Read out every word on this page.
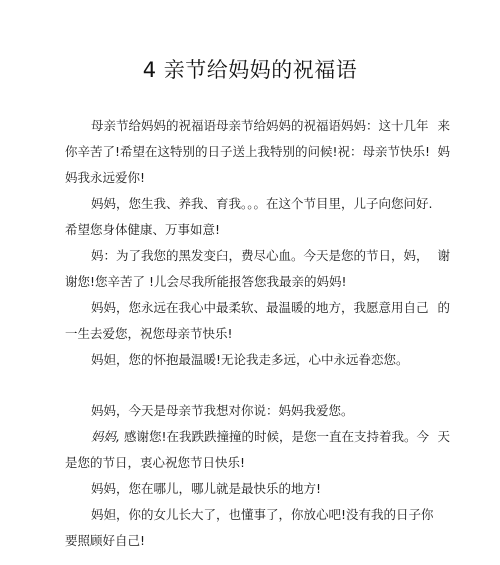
4 亲节给妈妈的祝福语
母亲节给妈妈的祝福语母亲节给妈妈的祝福语妈妈：这十几年 来
你辛苦了!希望在这特别的日子送上我特别的问候!祝：母亲节快乐! 妈
妈我永远爱你!
妈妈，您生我、养我、育我。。。在这个节目里，儿子向您问好.
希望您身体健康、万事如意!
妈：为了我您的黑发变臼，费尽心血。今天是您的节日，妈， 谢
谢您!您辛苦了 !儿会尽我所能报答您我最亲的妈妈!
妈妈，您永远在我心中最柔软、最温暖的地方，我愿意用自己 的
一生去爱您，祝您母亲节快乐!
妈妲，您的怀抱最温暖!无论我走多远，心中永远眷恋您。
妈妈，今天是母亲节我想对你说：妈妈我爱您。
妈妈, 感谢您!在我跌跌撞撞的时候，是您一直在支持着我。今 天
是您的节日，衷心祝您节日快乐!
妈妈，您在哪儿，哪儿就是最快乐的地方!
妈妲，你的女儿长大了，也懂事了，你放心吧!没有我的日子你
要照顾好自己!
